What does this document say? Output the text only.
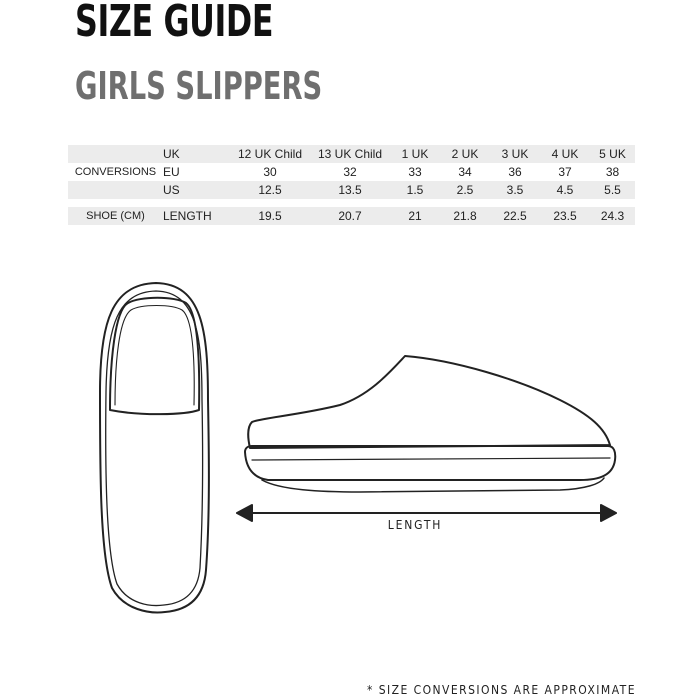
SIZE GUIDE
GIRLS SLIPPERS
	UK	12 UK Child	13 UK Child	1 UK	2 UK	3 UK	4 UK	5 UK
CONVERSIONS	EU	30	32	33	34	36	37	38
	US	12.5	13.5	1.5	2.5	3.5	4.5	5.5

SHOE (CM)	LENGTH	19.5	20.7	21	21.8	22.5	23.5	24.3
LENGTH
* SIZE CONVERSIONS ARE APPROXIMATE
